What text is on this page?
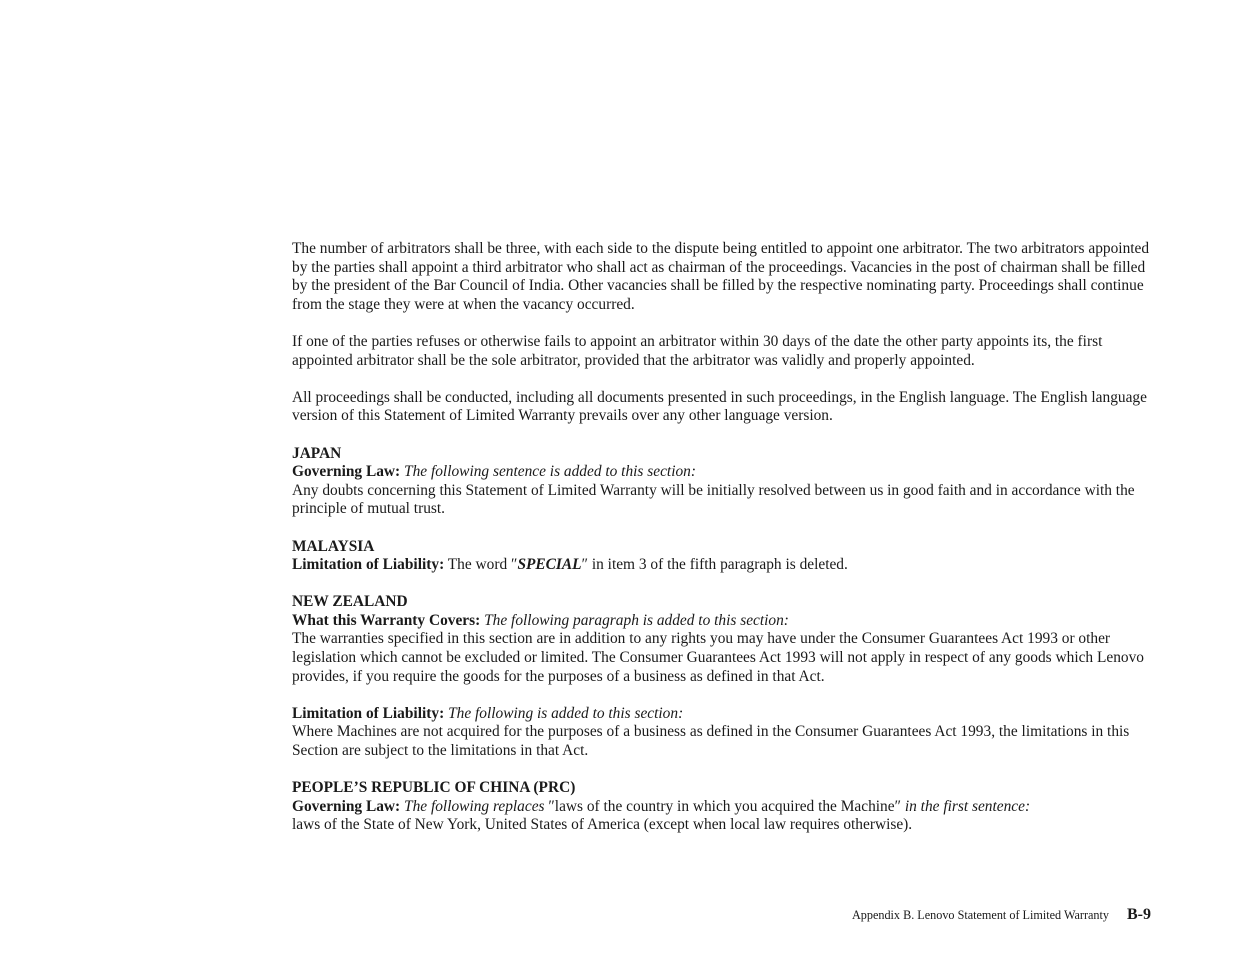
The number of arbitrators shall be three, with each side to the dispute being entitled to appoint one arbitrator. The two arbitrators appointed by the parties shall appoint a third arbitrator who shall act as chairman of the proceedings. Vacancies in the post of chairman shall be filled by the president of the Bar Council of India. Other vacancies shall be filled by the respective nominating party. Proceedings shall continue from the stage they were at when the vacancy occurred.

If one of the parties refuses or otherwise fails to appoint an arbitrator within 30 days of the date the other party appoints its, the first appointed arbitrator shall be the sole arbitrator, provided that the arbitrator was validly and properly appointed.

All proceedings shall be conducted, including all documents presented in such proceedings, in the English language. The English language version of this Statement of Limited Warranty prevails over any other language version.

JAPAN

Governing Law: The following sentence is added to this section:

Any doubts concerning this Statement of Limited Warranty will be initially resolved between us in good faith and in accordance with the principle of mutual trust.

MALAYSIA

Limitation of Liability: The word ″SPECIAL″ in item 3 of the fifth paragraph is deleted.

NEW ZEALAND

What this Warranty Covers: The following paragraph is added to this section:

The warranties specified in this section are in addition to any rights you may have under the Consumer Guarantees Act 1993 or other legislation which cannot be excluded or limited. The Consumer Guarantees Act 1993 will not apply in respect of any goods which Lenovo provides, if you require the goods for the purposes of a business as defined in that Act.

Limitation of Liability: The following is added to this section:

Where Machines are not acquired for the purposes of a business as defined in the Consumer Guarantees Act 1993, the limitations in this Section are subject to the limitations in that Act.

PEOPLE’S REPUBLIC OF CHINA (PRC)

Governing Law: The following replaces ″laws of the country in which you acquired the Machine″ in the first sentence:

laws of the State of New York, United States of America (except when local law requires otherwise).

Appendix B. Lenovo Statement of Limited Warranty B-9
